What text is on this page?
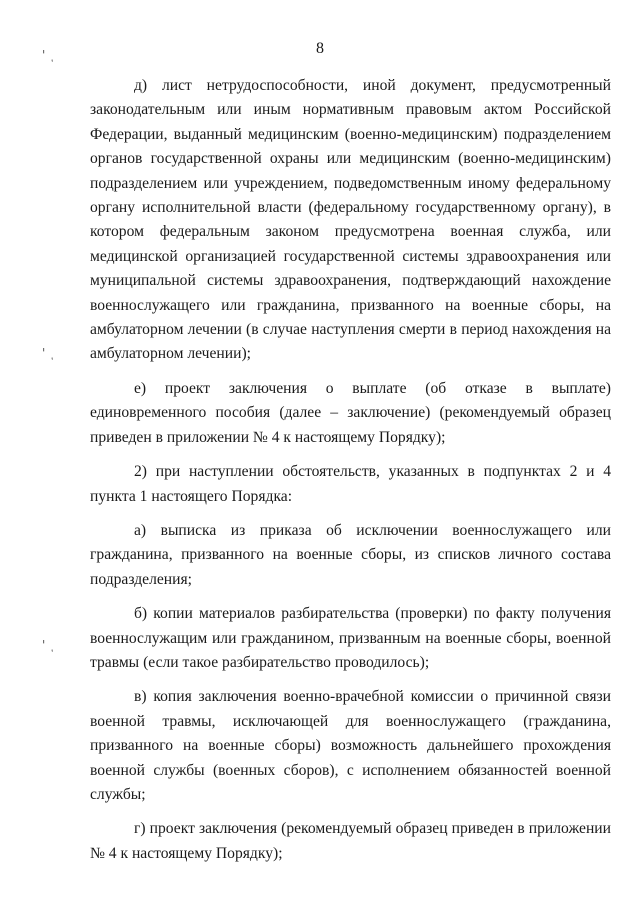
' ͺ
' ͺ
' ͺ
8

д) лист нетрудоспособности, иной документ, предусмотренный законодательным или иным нормативным правовым актом Российской Федерации, выданный медицинским (военно-медицинским) подразделением органов государственной охраны или медицинским (военно-медицинским) подразделением или учреждением, подведомственным иному федеральному органу исполнительной власти (федеральному государственному органу), в котором федеральным законом предусмотрена военная служба, или медицинской организацией государственной системы здравоохранения или муниципальной системы здравоохранения, подтверждающий нахождение военнослужащего или гражданина, призванного на военные сборы, на амбулаторном лечении (в случае наступления смерти в период нахождения на амбулаторном лечении);

е) проект заключения о выплате (об отказе в выплате) единовременного пособия (далее – заключение) (рекомендуемый образец приведен в приложении № 4 к настоящему Порядку);

2) при наступлении обстоятельств, указанных в подпунктах 2 и 4 пункта 1 настоящего Порядка:

а) выписка из приказа об исключении военнослужащего или гражданина, призванного на военные сборы, из списков личного состава подразделения;

б) копии материалов разбирательства (проверки) по факту получения военнослужащим или гражданином, призванным на военные сборы, военной травмы (если такое разбирательство проводилось);

в) копия заключения военно-врачебной комиссии о причинной связи военной травмы, исключающей для военнослужащего (гражданина, призванного на военные сборы) возможность дальнейшего прохождения военной службы (военных сборов), с исполнением обязанностей военной службы;

г) проект заключения (рекомендуемый образец приведен в приложении № 4 к настоящему Порядку);
